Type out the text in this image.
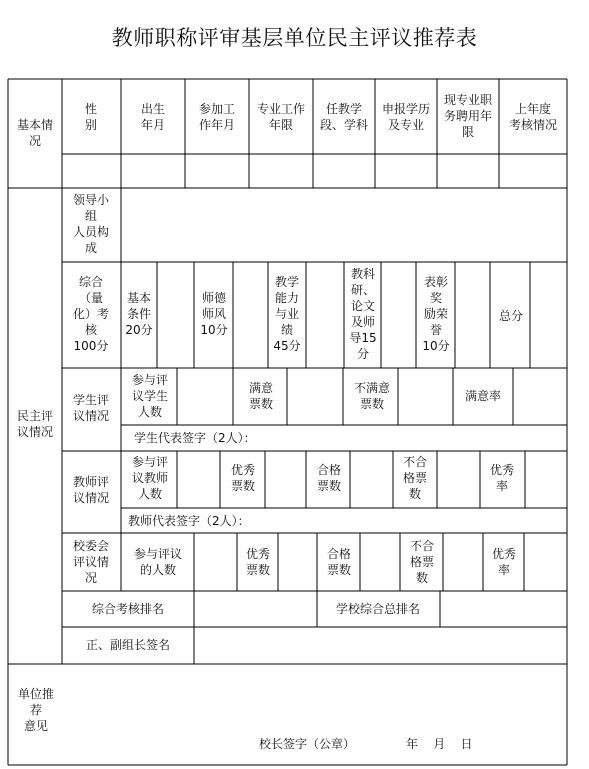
教师职称评审基层单位民主评议推荐表
基本情
况
民主评
议情况
单位推
荐
意见
性
别
出生
年月
参加工
作年月
专业工作
年限
任教学
段、学科
申报学历
及专业
现专业职
务聘用年
限
上年度
考核情况
领导小
组
人员构
成
综合
（量
化）考
核
100分
基本
条件
20分
师德
师风
10分
教学
能力
与业
绩
45分
教科
研、
论文
及师
导15
分
表彰
奖
励荣
誉
10分
总分
学生评
议情况
参与评
议学生
人数
满意
票数
不满意
票数
满意率
学生代表签字（2人）：
教师评
议情况
参与评
议教师
人数
优秀
票数
合格
票数
不合
格票
数
优秀
率
教师代表签字（2人）：
校委会
评议情
况
参与评议
的人数
优秀
票数
合格
票数
不合
格票
数
优秀
率
综合考核排名	学校综合总排名
正、副组长签名
校长签字（公章）	年    月    日
